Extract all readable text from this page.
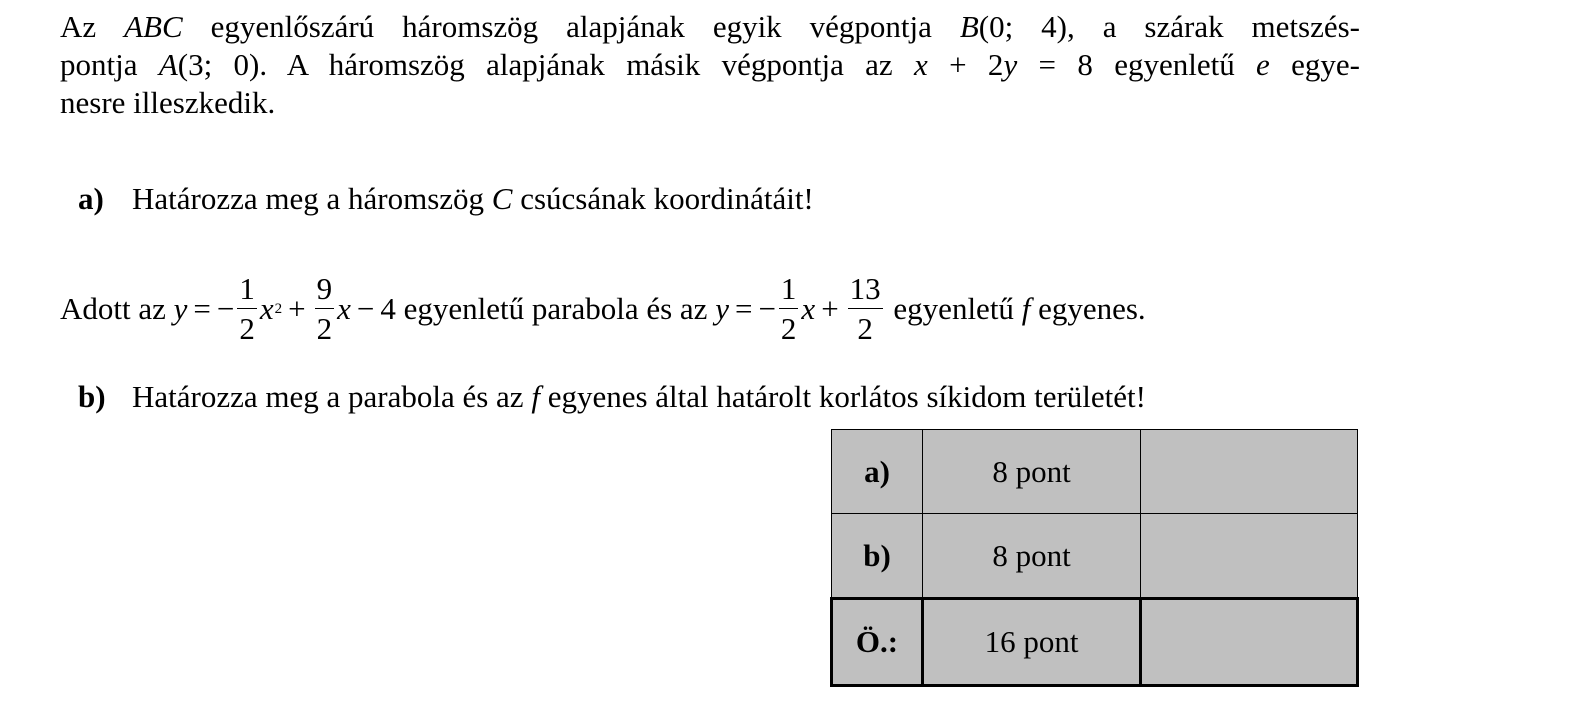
Az ABC egyenlőszárú háromszög alapjának egyik végpontja B(0; 4), a szárak metszés-
pontja A(3; 0). A háromszög alapjának másik végpontja az x + 2y = 8 egyenletű e egye-
nesre illeszkedik.
a) Határozza meg a háromszög C csúcsának koordinátáit!
Adott az y = − $\frac{1}{2}$ x $2 + \frac{9}{2}$ x − 4 egyenletű parabola és az y = − $\frac{1}{2}$ $x + \frac{13}{2}$ egyenletű f egyenes.
b) Határozza meg a parabola és az f egyenes által határolt korlátos síkidom területét!
a)	8 pont	
b)	8 pont	
Ö.:	16 pont	
